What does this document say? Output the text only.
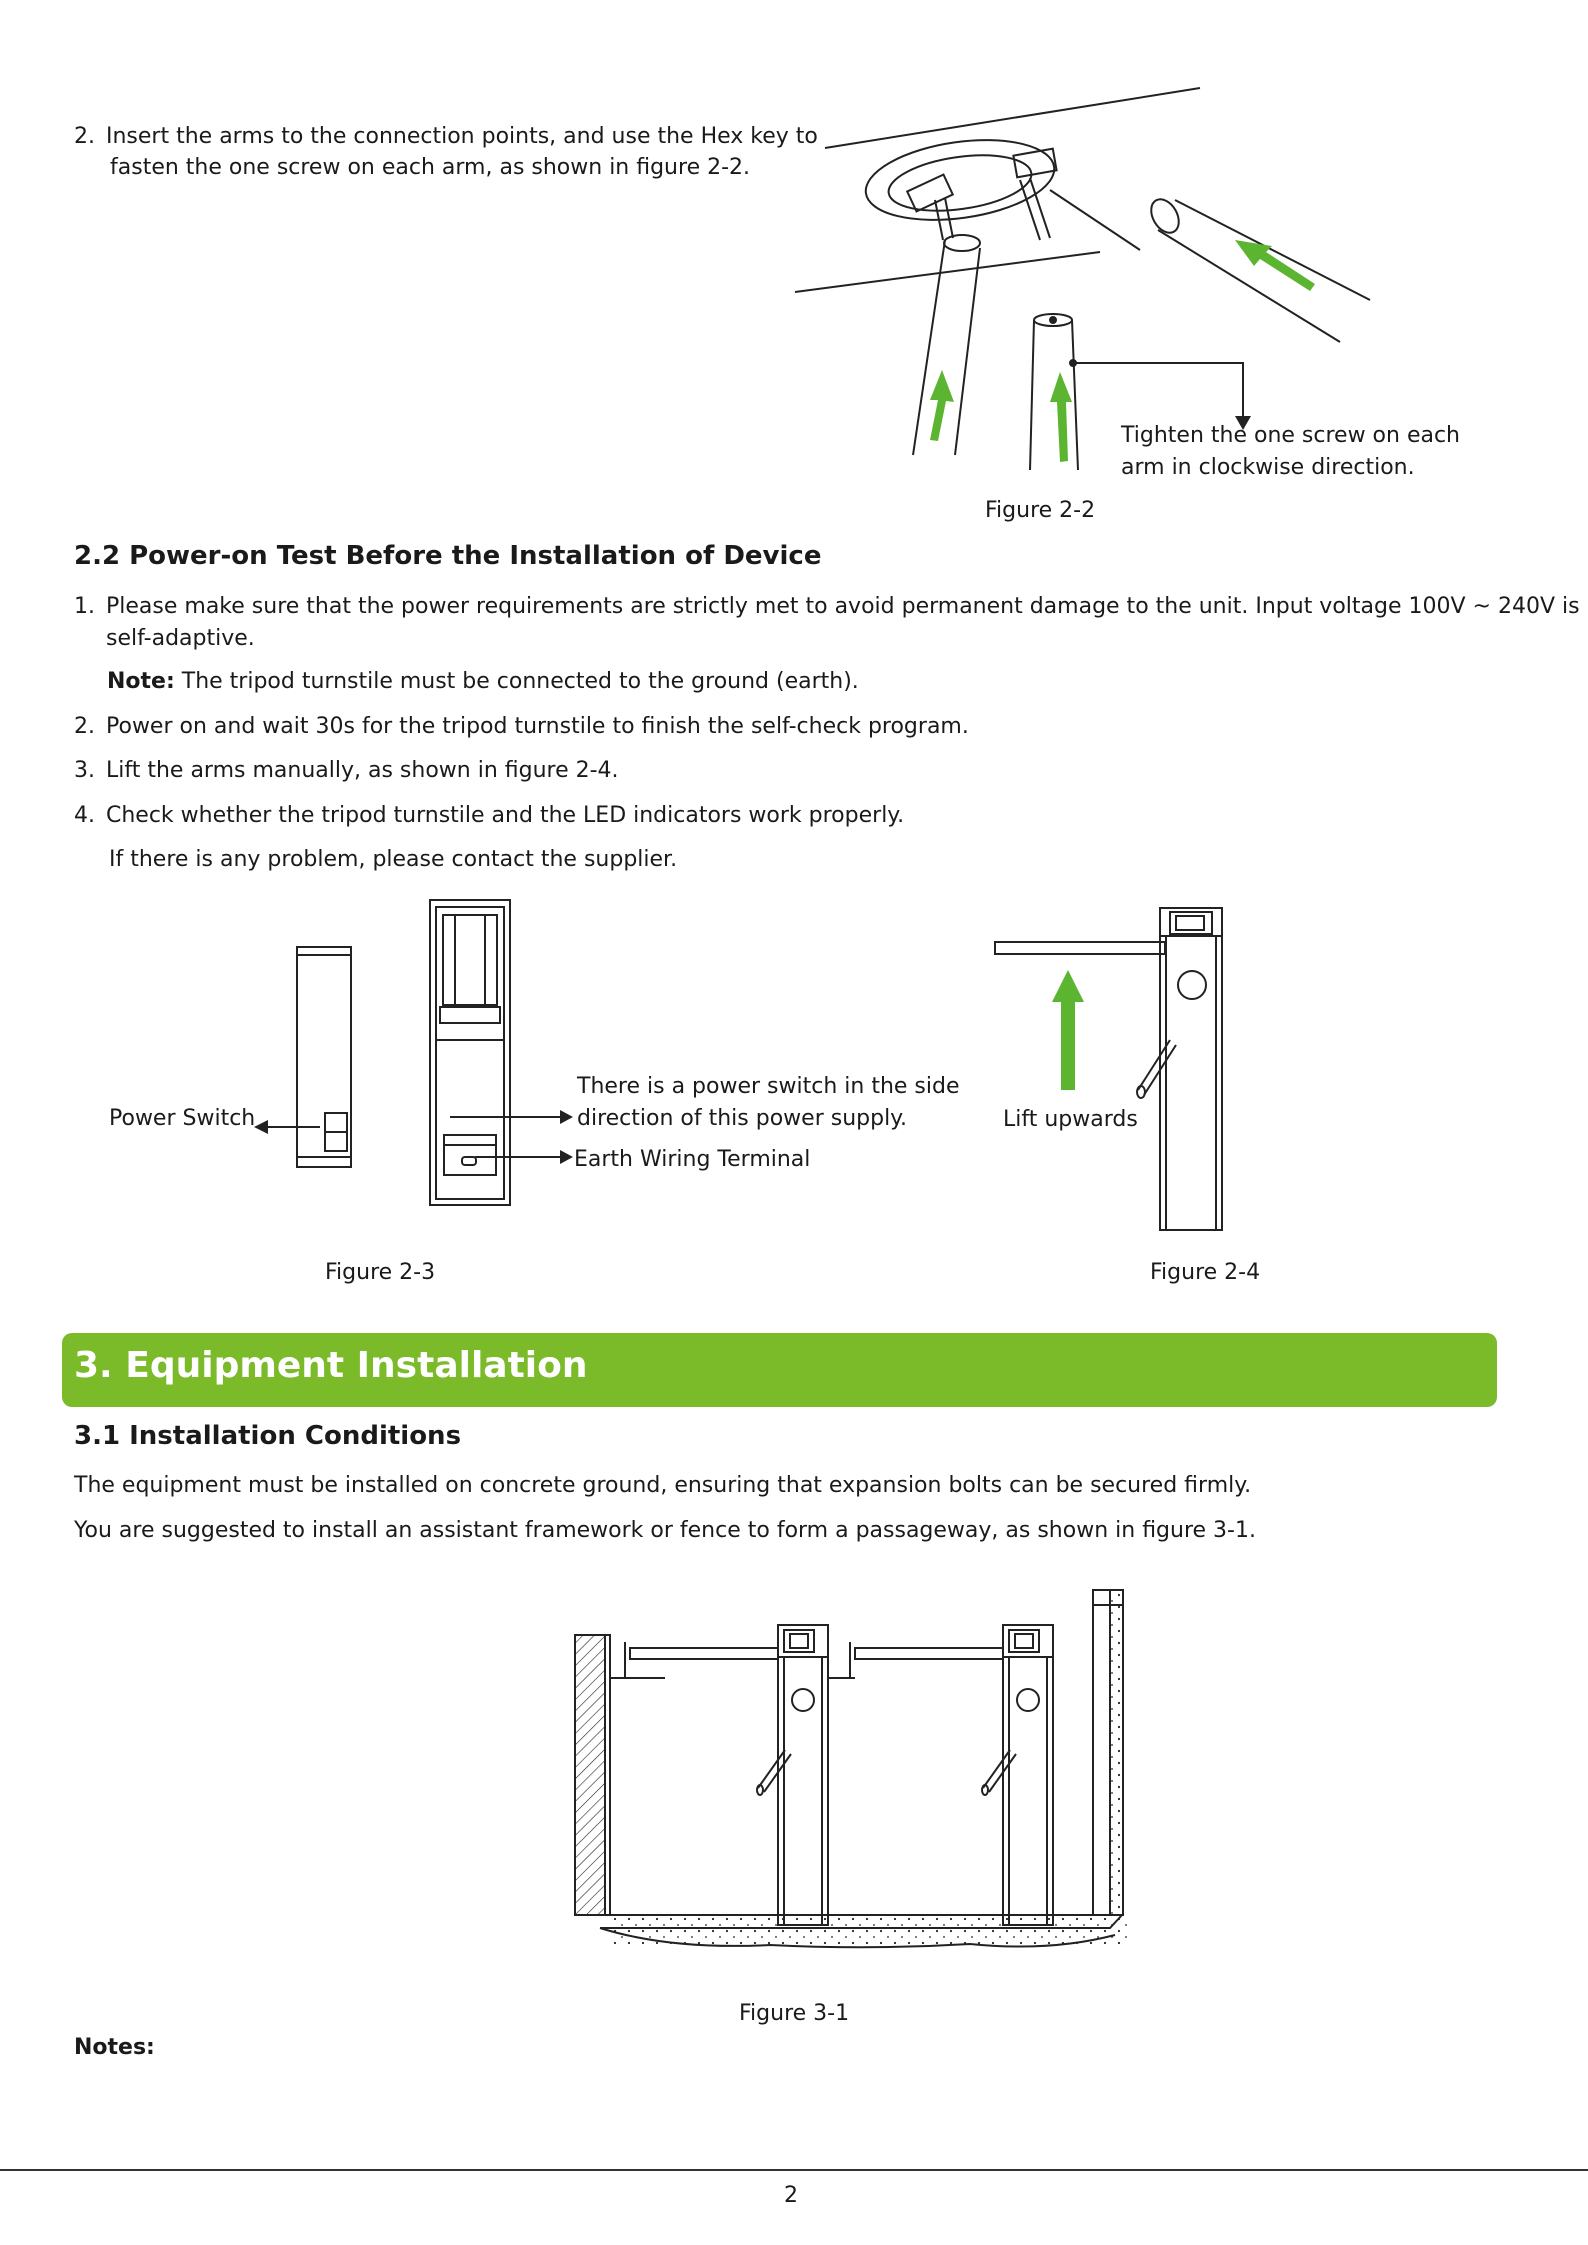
2. Insert the arms to the connection points, and use the Hex key to
fasten the one screw on each arm, as shown in figure 2-2.
Tighten the one screw on each
arm in clockwise direction.
Figure 2-2
2.2 Power-on Test Before the Installation of Device
1. Please make sure that the power requirements are strictly met to avoid permanent damage to the unit. Input voltage 100V ~ 240V is
self-adaptive.
Note: The tripod turnstile must be connected to the ground (earth).
2. Power on and wait 30s for the tripod turnstile to finish the self-check program.
3. Lift the arms manually, as shown in figure 2-4.
4. Check whether the tripod turnstile and the LED indicators work properly.
If there is any problem, please contact the supplier.
Power Switch
There is a power switch in the side
direction of this power supply.
Earth Wiring Terminal
Figure 2-3
Lift upwards
Figure 2-4
3. Equipment Installation
3.1 Installation Conditions
The equipment must be installed on concrete ground, ensuring that expansion bolts can be secured firmly.
You are suggested to install an assistant framework or fence to form a passageway, as shown in figure 3-1.
Figure 3-1
Notes:
2
